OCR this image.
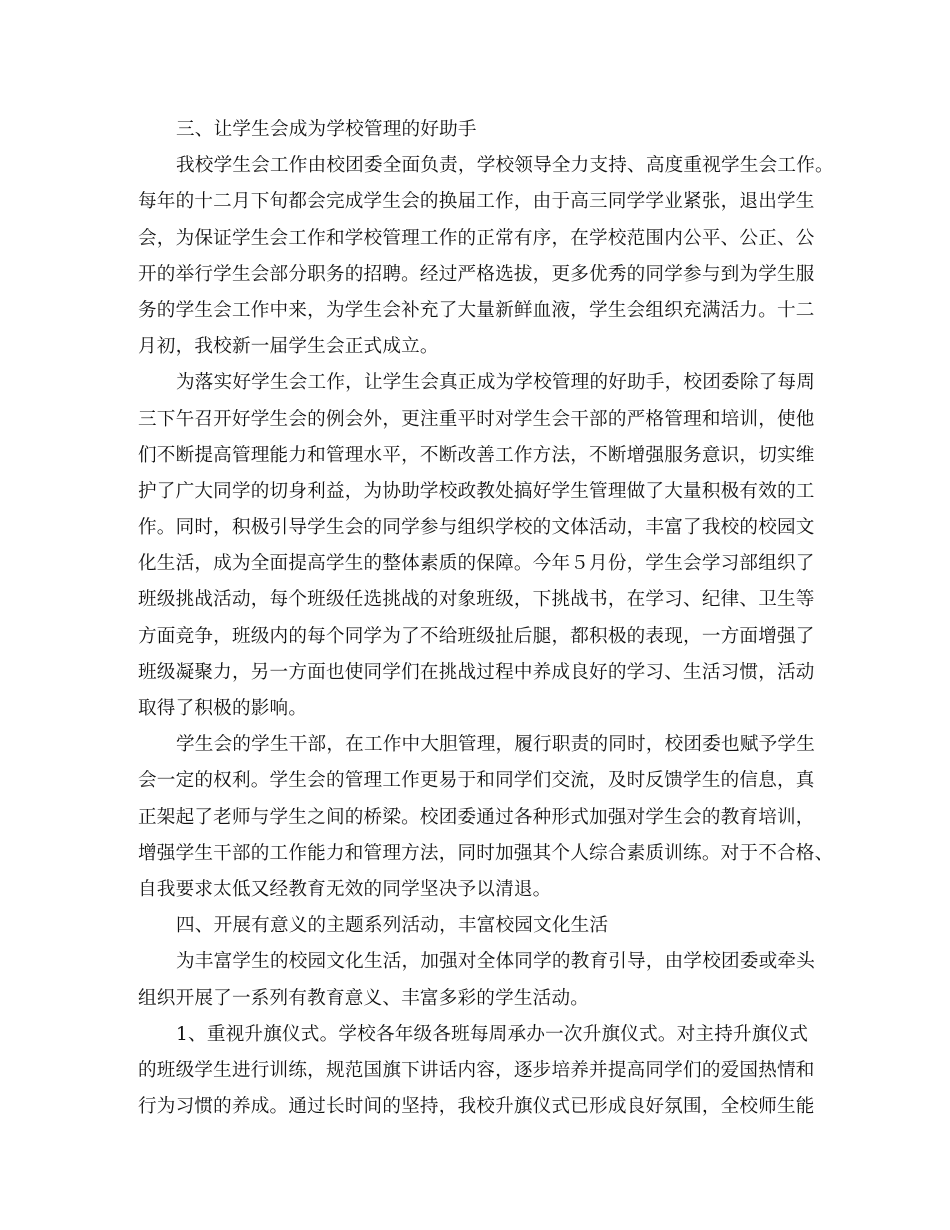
三、让学生会成为学校管理的好助手
我校学生会工作由校团委全面负责，学校领导全力支持、高度重视学生会工作。
每年的十二月下旬都会完成学生会的换届工作，由于高三同学学业紧张，退出学生
会，为保证学生会工作和学校管理工作的正常有序，在学校范围内公平、公正、公
开的举行学生会部分职务的招聘。经过严格选拔，更多优秀的同学参与到为学生服
务的学生会工作中来，为学生会补充了大量新鲜血液，学生会组织充满活力。十二
月初，我校新一届学生会正式成立。
为落实好学生会工作，让学生会真正成为学校管理的好助手，校团委除了每周
三下午召开好学生会的例会外，更注重平时对学生会干部的严格管理和培训，使他
们不断提高管理能力和管理水平，不断改善工作方法，不断增强服务意识，切实维
护了广大同学的切身利益，为协助学校政教处搞好学生管理做了大量积极有效的工
作。同时，积极引导学生会的同学参与组织学校的文体活动，丰富了我校的校园文
化生活，成为全面提高学生的整体素质的保障。今年５月份，学生会学习部组织了
班级挑战活动，每个班级任选挑战的对象班级，下挑战书，在学习、纪律、卫生等
方面竞争，班级内的每个同学为了不给班级扯后腿，都积极的表现，一方面增强了
班级凝聚力，另一方面也使同学们在挑战过程中养成良好的学习、生活习惯，活动
取得了积极的影响。
学生会的学生干部，在工作中大胆管理，履行职责的同时，校团委也赋予学生
会一定的权利。学生会的管理工作更易于和同学们交流，及时反馈学生的信息，真
正架起了老师与学生之间的桥梁。校团委通过各种形式加强对学生会的教育培训，
增强学生干部的工作能力和管理方法，同时加强其个人综合素质训练。对于不合格、
自我要求太低又经教育无效的同学坚决予以清退。
四、开展有意义的主题系列活动，丰富校园文化生活
为丰富学生的校园文化生活，加强对全体同学的教育引导，由学校团委或牵头
组织开展了一系列有教育意义、丰富多彩的学生活动。
1、重视升旗仪式。学校各年级各班每周承办一次升旗仪式。对主持升旗仪式
的班级学生进行训练，规范国旗下讲话内容，逐步培养并提高同学们的爱国热情和
行为习惯的养成。通过长时间的坚持，我校升旗仪式已形成良好氛围，全校师生能
